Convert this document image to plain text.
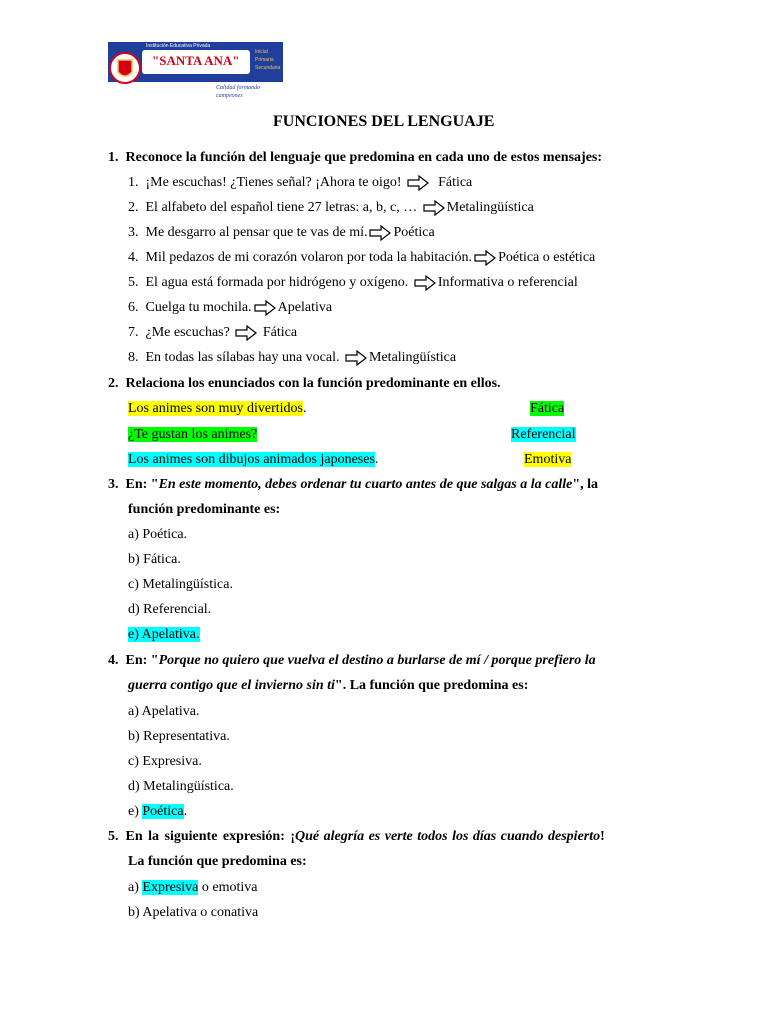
Institución Educativa Privada
"SANTA ANA"
Inicial
Primaria
Secundaria
Calidad formando campeones
FUNCIONES DEL LENGUAJE
1. Reconoce la función del lenguaje que predomina en cada uno de estos mensajes:
1. ¡Me escuchas! ¿Tienes señal? ¡Ahora te oigo!	Fática
2. El alfabeto del español tiene 27 letras: a, b, c, … Metalingüística
3. Me desgarro al pensar que te vas de mí. Poética
4. Mil pedazos de mi corazón volaron por toda la habitación. Poética o estética
5. El agua está formada por hidrógeno y oxígeno. Informativa o referencial
6. Cuelga tu mochila. Apelativa
7. ¿Me escuchas? Fática
8. En todas las sílabas hay una vocal. Metalingüística
2. Relaciona los enunciados con la función predominante en ellos.
Los animes son muy divertidos.	Fática
¿Te gustan los animes?	Referencial
Los animes son dibujos animados japoneses.	Emotiva
3. En: "En este momento, debes ordenar tu cuarto antes de que salgas a la calle", la
función predominante es:
a) Poética.
b) Fática.
c) Metalingüística.
d) Referencial.
e) Apelativa.
4. En: "Porque no quiero que vuelva el destino a burlarse de mí / porque prefiero la
guerra contigo que el invierno sin ti". La función que predomina es:
a) Apelativa.
b) Representativa.
c) Expresiva.
d) Metalingüística.
e) Poética.
5. En la siguiente expresión: ¡Qué alegría es verte todos los días cuando despierto!
La función que predomina es:
a) Expresiva o emotiva
b) Apelativa o conativa
